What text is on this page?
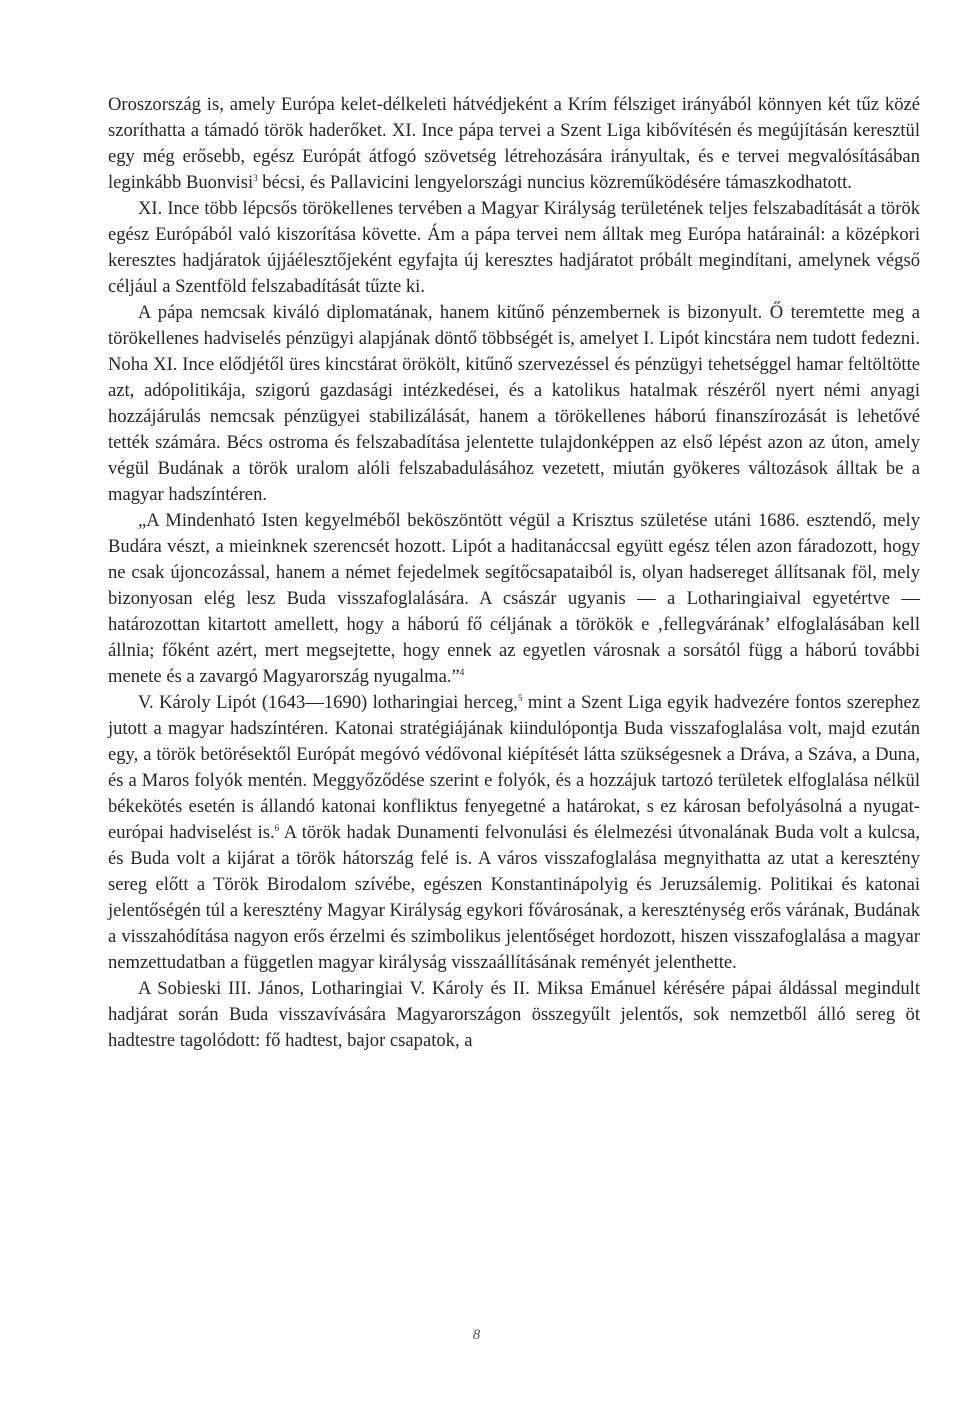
Oroszország is, amely Európa kelet-délkeleti hátvédjeként a Krím félsziget irányából könnyen két tűz közé szoríthatta a támadó török haderőket. XI. Ince pápa tervei a Szent Liga kibővítésén és megújításán keresztül egy még erősebb, egész Európát átfogó szövetség létrehozására irányultak, és e tervei megvalósításában leginkább Buonvisi$^3$ bécsi, és Pallavicini lengyelországi nuncius közreműködésére támaszkodhatott.

XI. Ince több lépcsős törökellenes tervében a Magyar Királyság területének teljes felszabadítását a török egész Európából való kiszorítása követte. Ám a pápa tervei nem álltak meg Európa határainál: a középkori keresztes hadjáratok újjáélesztőjeként egyfajta új keresztes hadjáratot próbált megindítani, amelynek végső céljául a Szentföld felszabadítását tűzte ki.

A pápa nemcsak kiváló diplomatának, hanem kitűnő pénzembernek is bizonyult. Ő teremtette meg a törökellenes hadviselés pénzügyi alapjának döntő többségét is, amelyet I. Lipót kincstára nem tudott fedezni. Noha XI. Ince elődjétől üres kincstárat örökölt, kitűnő szervezéssel és pénzügyi tehetséggel hamar feltöltötte azt, adópolitikája, szigorú gazdasági intézkedései, és a katolikus hatalmak részéről nyert némi anyagi hozzájárulás nemcsak pénzügyei stabilizálását, hanem a törökellenes háború finanszírozását is lehetővé tették számára. Bécs ostroma és felszabadítása jelentette tulajdonképpen az első lépést azon az úton, amely végül Budának a török uralom alóli felszabadulásához vezetett, miután gyökeres változások álltak be a magyar hadszíntéren.

„A Mindenható Isten kegyelméből beköszöntött végül a Krisztus születése utáni 1686. esztendő, mely Budára vészt, a mieinknek szerencsét hozott. Lipót a haditanáccsal együtt egész télen azon fáradozott, hogy ne csak újoncozással, hanem a német fejedelmek segítőcsapataiból is, olyan hadsereget állítsanak föl, mely bizonyosan elég lesz Buda visszafoglalására. A császár ugyanis — a Lotharingiaival egyetértve — határozottan kitartott amellett, hogy a háború fő céljának a törökök e ‚fellegvárának’ elfoglalásában kell állnia; főként azért, mert megsejtette, hogy ennek az egyetlen városnak a sorsától függ a háború további menete és a zavargó Magyarország nyugalma.”$^4$

V. Károly Lipót (1643—1690) lotharingiai herceg,$^5$ mint a Szent Liga egyik hadvezére fontos szerephez jutott a magyar hadszíntéren. Katonai stratégiájának kiindulópontja Buda visszafoglalása volt, majd ezután egy, a török betörésektől Európát megóvó védővonal kiépítését látta szükségesnek a Dráva, a Száva, a Duna, és a Maros folyók mentén. Meggyőződése szerint e folyók, és a hozzájuk tartozó területek elfoglalása nélkül békekötés esetén is állandó katonai konfliktus fenyegetné a határokat, s ez károsan befolyásolná a nyugat-európai hadviselést is.$^6$ A török hadak Dunamenti felvonulási és élelmezési útvonalának Buda volt a kulcsa, és Buda volt a kijárat a török hátország felé is. A város visszafoglalása megnyithatta az utat a keresztény sereg előtt a Török Birodalom szívébe, egészen Konstantinápolyig és Jeruzsálemig. Politikai és katonai jelentőségén túl a keresztény Magyar Királyság egykori fővárosának, a kereszténység erős várának, Budának a visszahódítása nagyon erős érzelmi és szimbolikus jelentőséget hordozott, hiszen visszafoglalása a magyar nemzettudatban a független magyar királyság visszaállításának reményét jelenthette.

A Sobieski III. János, Lotharingiai V. Károly és II. Miksa Emánuel kérésére pápai áldással megindult hadjárat során Buda visszavívására Magyarországon összegyűlt jelentős, sok nemzetből álló sereg öt hadtestre tagolódott: fő hadtest, bajor csapatok, a

8
